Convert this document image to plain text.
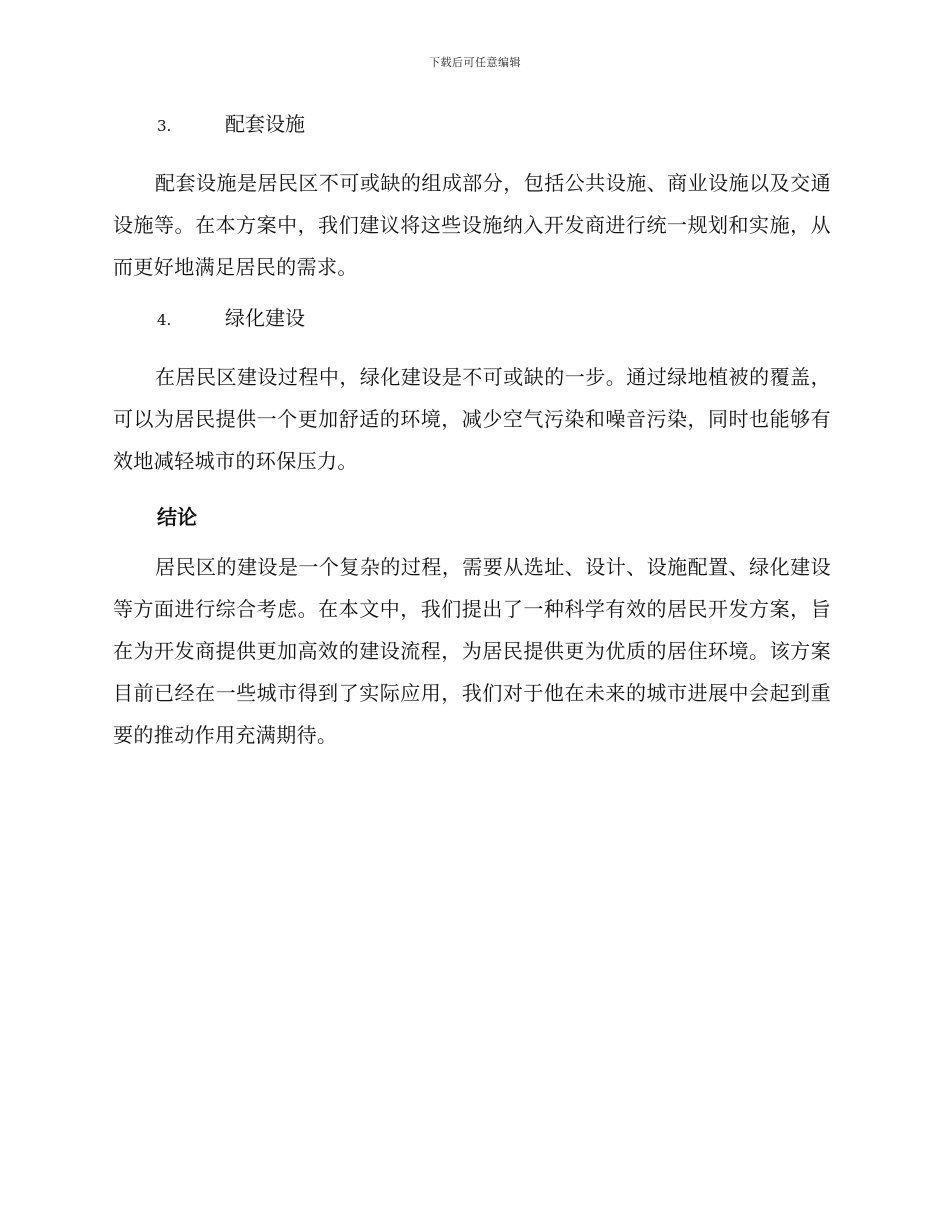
下载后可任意编辑
3.	配套设施

配套设施是居民区不可或缺的组成部分，包括公共设施、商业设施以及交通设施等。在本方案中，我们建议将这些设施纳入开发商进行统一规划和实施，从而更好地满足居民的需求。

4.	绿化建设

在居民区建设过程中，绿化建设是不可或缺的一步。通过绿地植被的覆盖，可以为居民提供一个更加舒适的环境，减少空气污染和噪音污染，同时也能够有效地减轻城市的环保压力。

结论

居民区的建设是一个复杂的过程，需要从选址、设计、设施配置、绿化建设等方面进行综合考虑。在本文中，我们提出了一种科学有效的居民开发方案，旨在为开发商提供更加高效的建设流程，为居民提供更为优质的居住环境。该方案目前已经在一些城市得到了实际应用，我们对于他在未来的城市进展中会起到重要的推动作用充满期待。
